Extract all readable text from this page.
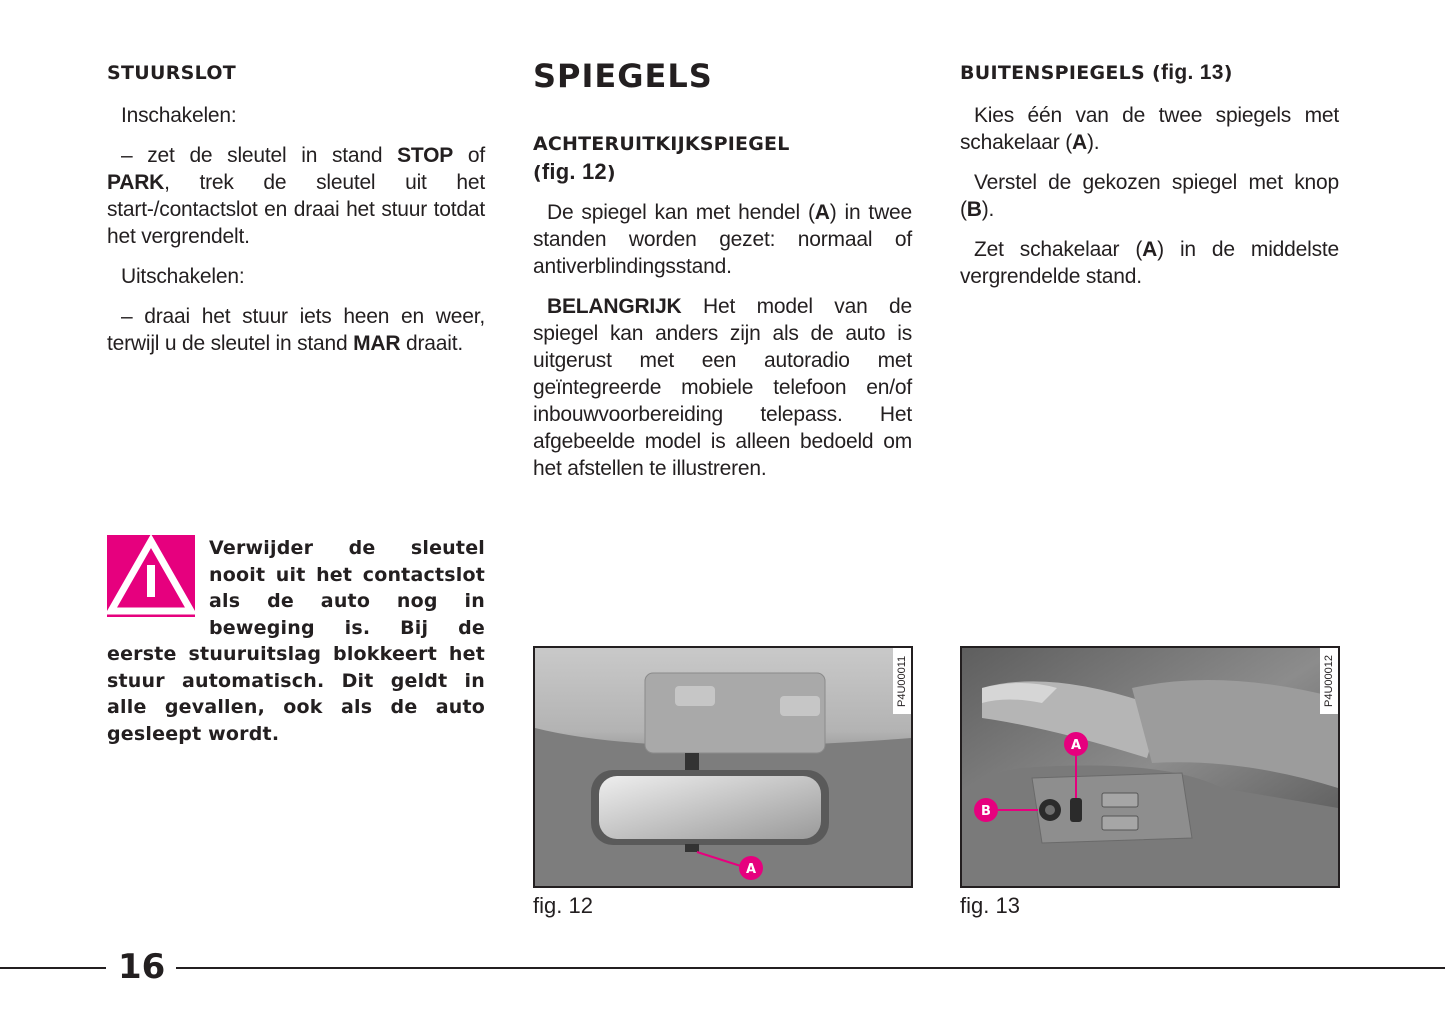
STUURSLOT

Inschakelen:

– zet de sleutel in stand STOP of PARK, trek de sleutel uit het start-/contactslot en draai het stuur totdat het vergrendelt.

Uitschakelen:

– draai het stuur iets heen en weer, terwijl u de sleutel in stand MAR draait.

Verwijder de sleutel nooit uit het contactslot als de auto nog in beweging is. Bij de eerste stuuruitslag blokkeert het stuur automatisch. Dit geldt in alle gevallen, ook als de auto gesleept wordt.
SPIEGELS
ACHTERUITKIJKSPIEGEL
(fig. 12)

De spiegel kan met hendel (A) in twee standen worden gezet: normaal of antiverblindingsstand.

BELANGRIJK Het model van de spiegel kan anders zijn als de auto is uitgerust met een autoradio met geïntegreerde mobiele telefoon en/of inbouwvoorbereiding telepass. Het afgebeelde model is alleen bedoeld om het afstellen te illustreren.

BUITENSPIEGELS (fig. 13)

Kies één van de twee spiegels met schakelaar (A).

Verstel de gekozen spiegel met knop (B).

Zet schakelaar (A) in de middelste vergrendelde stand.

A
P4U00011
fig. 12
A
B
P4U00012
fig. 13
16
